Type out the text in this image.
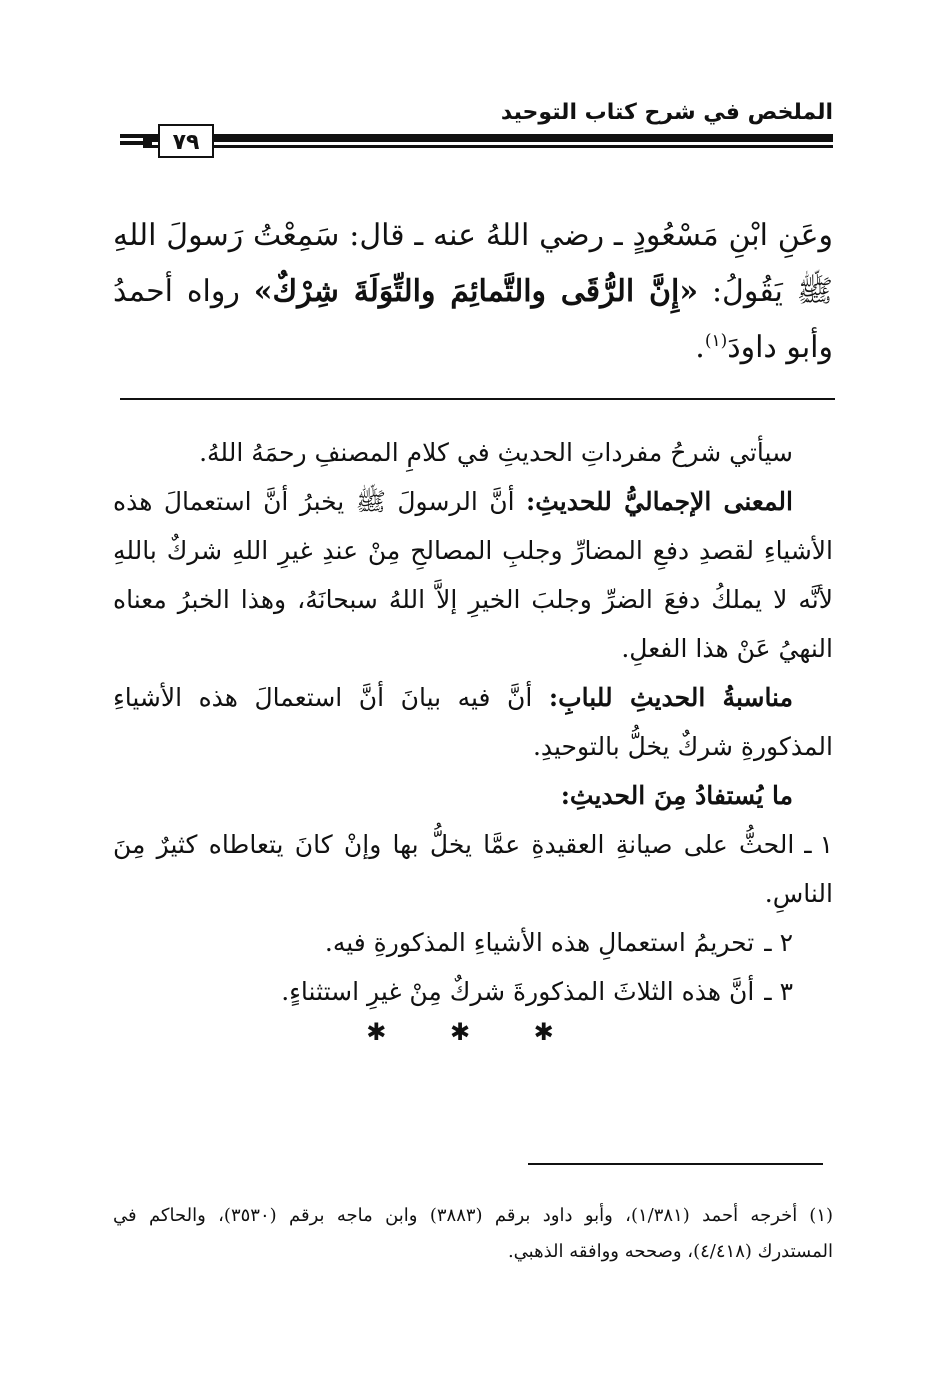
الملخص في شرح كتاب التوحيد
٧٩
وعَنِ ابْنِ مَسْعُودٍ ـ رضي اللهُ عنه ـ قال: سَمِعْتُ رَسولَ اللهِ ﷺ يَقُولُ: «إِنَّ الرُّقَى والتَّمائِمَ والتِّوَلَةَ شِرْكٌ» رواه أحمدُ وأبو داودَ$^{(١)}$.

سيأتي شرحُ مفرداتِ الحديثِ في كلامِ المصنفِ رحمَهُ اللهُ.

المعنى الإجماليُّ للحديثِ: أنَّ الرسولَ ﷺ يخبرُ أنَّ استعمالَ هذه الأشياءِ لقصدِ دفعِ المضارِّ وجلبِ المصالحِ مِنْ عندِ غيرِ اللهِ شركٌ باللهِ لأنَّه لا يملكُ دفعَ الضرِّ وجلبَ الخيرِ إلاَّ اللهُ سبحانَهُ، وهذا الخبرُ معناه النهيُ عَنْ هذا الفعلِ.

مناسبةُ الحديثِ للبابِ: أنَّ فيه بيانَ أنَّ استعمالَ هذه الأشياءِ المذكورةِ شركٌ يخلُّ بالتوحيدِ.

ما يُستفادُ مِنَ الحديثِ:

١ ـالحثُّ على صيانةِ العقيدةِ عمَّا يخلُّ بها وإنْ كانَ يتعاطاه كثيرٌ مِنَ الناسِ.
٢ ـتحريمُ استعمالِ هذه الأشياءِ المذكورةِ فيه.
٣ ـأنَّ هذه الثلاثَ المذكورةَ شركٌ مِنْ غيرِ استثناءٍ.
✱ ✱ ✱

(١)أخرجه أحمد (١/٣٨١)، وأبو داود برقم (٣٨٨٣) وابن ماجه برقم (٣٥٣٠)، والحاكم في المستدرك (٤/٤١٨)، وصححه ووافقه الذهبي.
